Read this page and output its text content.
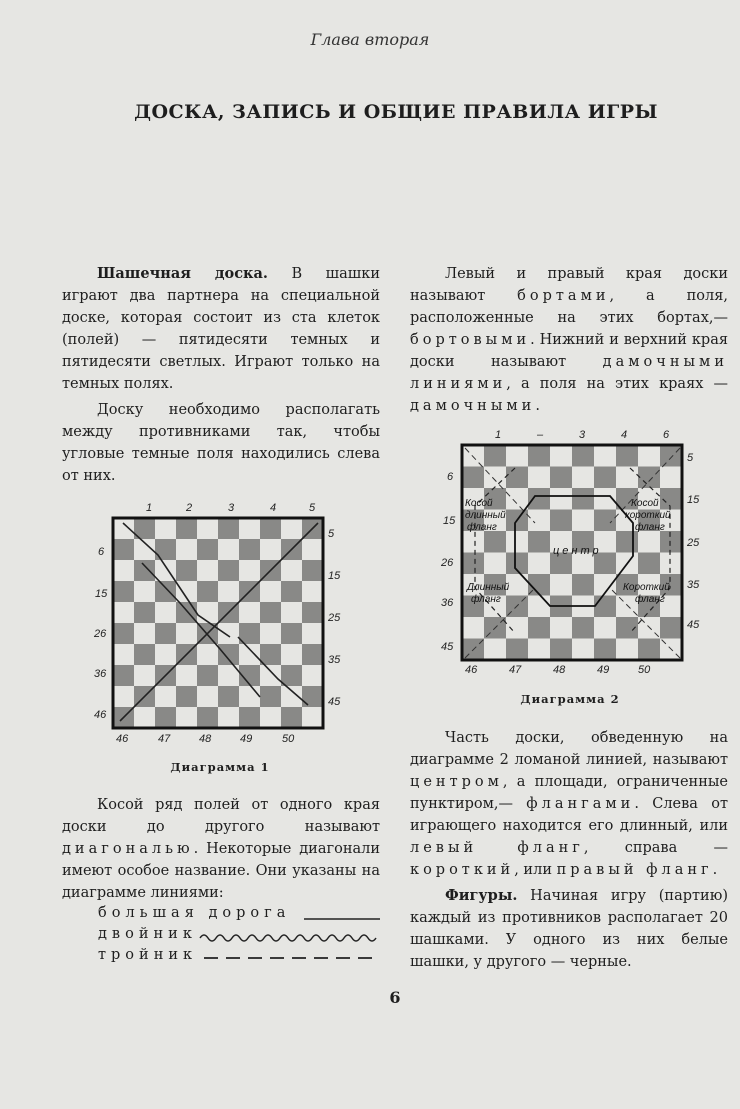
Глава вторая
ДОСКА, ЗАПИСЬ И ОБЩИЕ ПРАВИЛА ИГРЫ

Шашечная доска. В шашки играют два партнера на специальной доске, которая состоит из ста клеток (полей) — пятидесяти темных и пятидесяти светлых. Играют только на темных полях.

Доску необходимо располагать между противниками так, чтобы угловые темные поля находились слева от них.

1	2	3	4	5
5
15
25
35
45
6
15
26
36
46
46	47	48	49	50
Диаграмма 1

Косой ряд полей от одного края доски до другого называют диагональю. Некоторые диагонали имеют особое название. Они указаны на диаграмме линиями:

большая дорога
двойник
тройник

Левый и правый края доски называют бортами, а поля, расположенные на этих бортах,— бортовыми. Нижний и верхний края доски называют дамочными линиями, а поля на этих краях — дамочными.

Косой
длинный
фланг
Косой
короткий
фланг
центр
Длинный
фланг
Короткий
фланг
1	–	3	4	6
5
15
25
35
45
6
15
26
36
45
46	47	48	49	50
Диаграмма 2

Часть доски, обведенную на диаграмме 2 ломаной линией, называют центром, а площади, ограниченные пунктиром,— флангами. Слева от играющего находится его длинный, или левый фланг, справа — короткий, или правый фланг.

Фигуры. Начиная игру (партию) каждый из противников располагает 20 шашками. У одного из них белые шашки, у другого — черные.

6
